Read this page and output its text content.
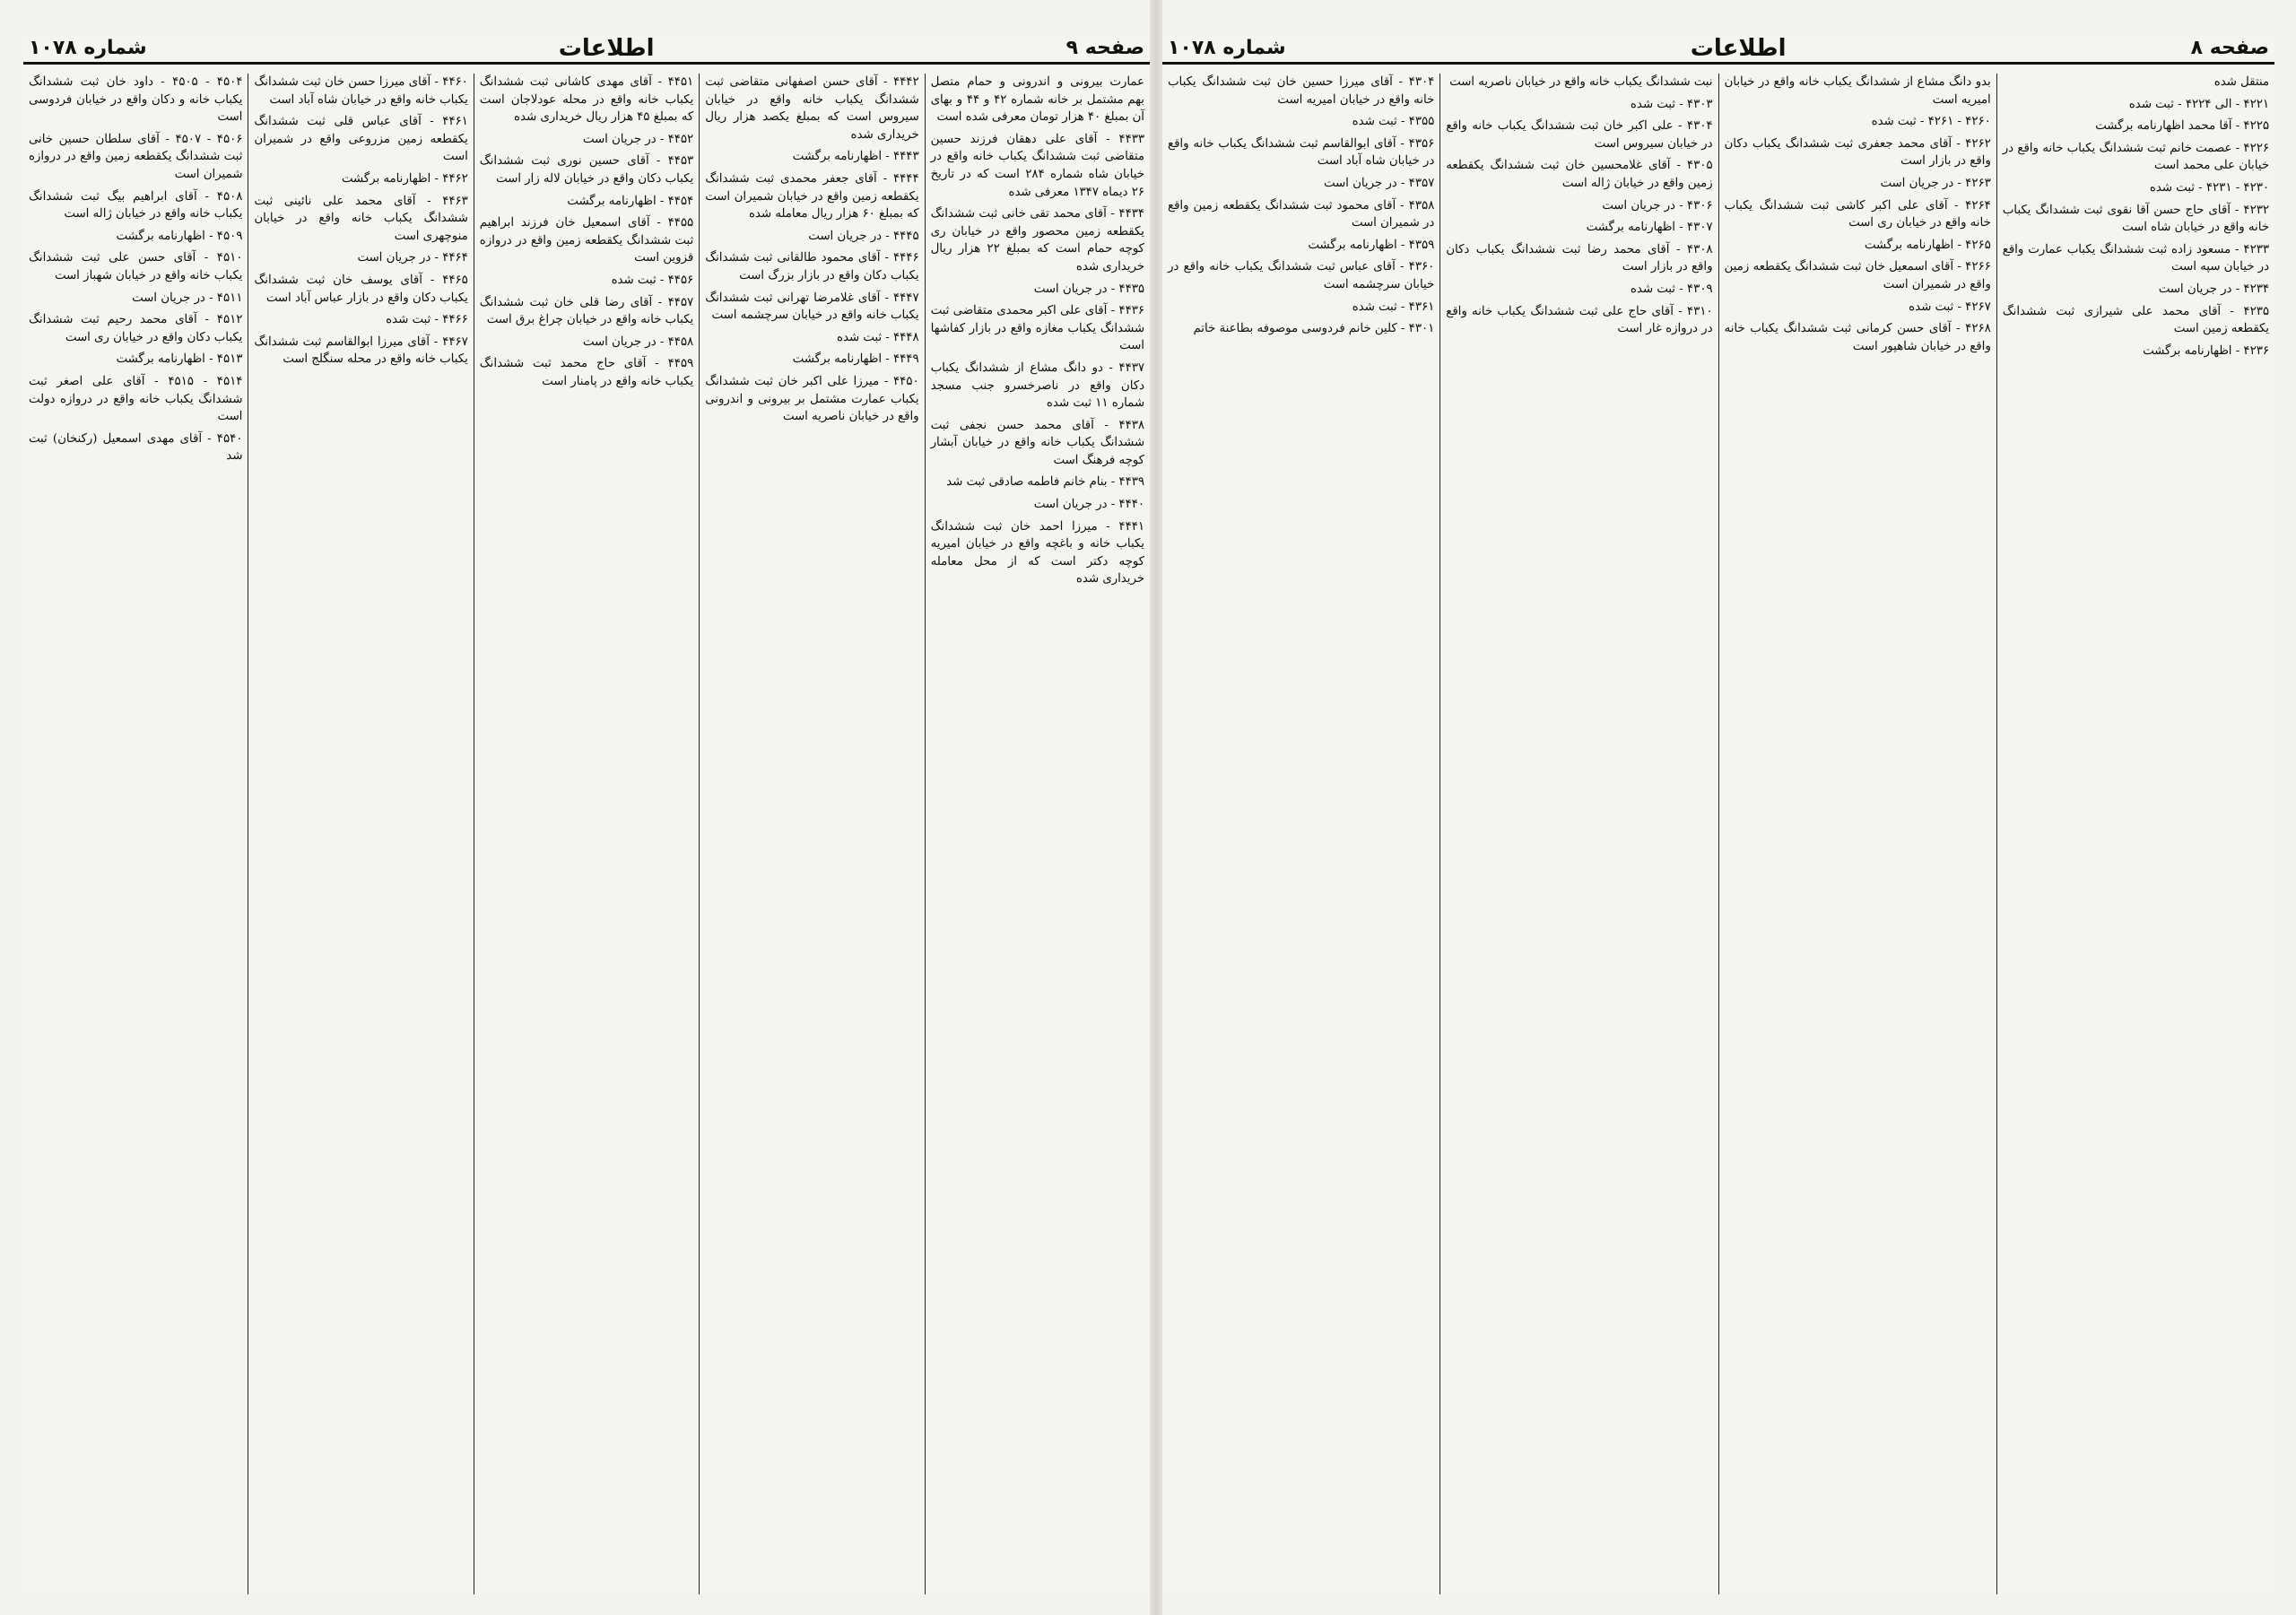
صفحه ۹
اطلاعات
شماره ۱۰۷۸

عمارت بیرونی و اندرونی و حمام متصل بهم مشتمل بر خانه شماره ۴۲ و ۴۴ و بهای آن بمبلغ ۴۰ هزار تومان معرفی شده است

۴۴۳۳ - آقای علی دهقان فرزند حسین متقاضی ثبت ششدانگ یکباب خانه واقع در خیابان شاه شماره ۲۸۴ است که در تاریخ ۲۶ دیماه ۱۳۴۷ معرفی شده

۴۴۳۴ - آقای محمد تقی خانی ثبت ششدانگ یکقطعه زمین محصور واقع در خیابان ری کوچه حمام است که بمبلغ ۲۲ هزار ریال خریداری شده

۴۴۳۵ - در جریان است

۴۴۳۶ - آقای علی اکبر محمدی متقاضی ثبت ششدانگ یکباب مغازه واقع در بازار کفاشها است

۴۴۳۷ - دو دانگ مشاع از ششدانگ یکباب دکان واقع در ناصرخسرو جنب مسجد شماره ۱۱ ثبت شده

۴۴۳۸ - آقای محمد حسن نجفی ثبت ششدانگ یکباب خانه واقع در خیابان آبشار کوچه فرهنگ است

۴۴۳۹ - بنام خانم فاطمه صادقی ثبت شد

۴۴۴۰ - در جریان است

۴۴۴۱ - میرزا احمد خان ثبت ششدانگ یکباب خانه و باغچه واقع در خیابان امیریه کوچه دکتر است که از محل معامله خریداری شده

۴۴۴۲ - آقای حسن اصفهانی متقاضی ثبت ششدانگ یکباب خانه واقع در خیابان سیروس است که بمبلغ یکصد هزار ریال خریداری شده

۴۴۴۳ - اظهارنامه برگشت

۴۴۴۴ - آقای جعفر محمدی ثبت ششدانگ یکقطعه زمین واقع در خیابان شمیران است که بمبلغ ۶۰ هزار ریال معامله شده

۴۴۴۵ - در جریان است

۴۴۴۶ - آقای محمود طالقانی ثبت ششدانگ یکباب دکان واقع در بازار بزرگ است

۴۴۴۷ - آقای غلامرضا تهرانی ثبت ششدانگ یکباب خانه واقع در خیابان سرچشمه است

۴۴۴۸ - ثبت شده

۴۴۴۹ - اظهارنامه برگشت

۴۴۵۰ - میرزا علی اکبر خان ثبت ششدانگ یکباب عمارت مشتمل بر بیرونی و اندرونی واقع در خیابان ناصریه است

۴۴۵۱ - آقای مهدی کاشانی ثبت ششدانگ یکباب خانه واقع در محله عودلاجان است که بمبلغ ۴۵ هزار ریال خریداری شده

۴۴۵۲ - در جریان است

۴۴۵۳ - آقای حسین نوری ثبت ششدانگ یکباب دکان واقع در خیابان لاله زار است

۴۴۵۴ - اظهارنامه برگشت

۴۴۵۵ - آقای اسمعیل خان فرزند ابراهیم ثبت ششدانگ یکقطعه زمین واقع در دروازه قزوین است

۴۴۵۶ - ثبت شده

۴۴۵۷ - آقای رضا قلی خان ثبت ششدانگ یکباب خانه واقع در خیابان چراغ برق است

۴۴۵۸ - در جریان است

۴۴۵۹ - آقای حاج محمد ثبت ششدانگ یکباب خانه واقع در پامنار است

۴۴۶۰ - آقای میرزا حسن خان ثبت ششدانگ یکباب خانه واقع در خیابان شاه آباد است

۴۴۶۱ - آقای عباس قلی ثبت ششدانگ یکقطعه زمین مزروعی واقع در شمیران است

۴۴۶۲ - اظهارنامه برگشت

۴۴۶۳ - آقای محمد علی نائینی ثبت ششدانگ یکباب خانه واقع در خیابان منوچهری است

۴۴۶۴ - در جریان است

۴۴۶۵ - آقای یوسف خان ثبت ششدانگ یکباب دکان واقع در بازار عباس آباد است

۴۴۶۶ - ثبت شده

۴۴۶۷ - آقای میرزا ابوالقاسم ثبت ششدانگ یکباب خانه واقع در محله سنگلج است

۴۵۰۴ - ۴۵۰۵ - داود خان ثبت ششدانگ یکباب خانه و دکان واقع در خیابان فردوسی است

۴۵۰۶ - ۴۵۰۷ - آقای سلطان حسین خانی ثبت ششدانگ یکقطعه زمین واقع در دروازه شمیران است

۴۵۰۸ - آقای ابراهیم بیگ ثبت ششدانگ یکباب خانه واقع در خیابان ژاله است

۴۵۰۹ - اظهارنامه برگشت

۴۵۱۰ - آقای حسن علی ثبت ششدانگ یکباب خانه واقع در خیابان شهباز است

۴۵۱۱ - در جریان است

۴۵۱۲ - آقای محمد رحیم ثبت ششدانگ یکباب دکان واقع در خیابان ری است

۴۵۱۳ - اظهارنامه برگشت

۴۵۱۴ - ۴۵۱۵ - آقای علی اصغر ثبت ششدانگ یکباب خانه واقع در دروازه دولت است

۴۵۴۰ - آقای مهدی اسمعیل (رکنخان) ثبت شد

صفحه ۸
اطلاعات
شماره ۱۰۷۸

منتقل شده

۴۲۲۱ - الی ۴۲۲۴ - ثبت شده

۴۲۲۵ - آقا محمد اظهارنامه برگشت

۴۲۲۶ - عصمت خانم ثبت ششدانگ یکباب خانه واقع در خیابان علی محمد است

۴۲۳۰ - ۴۲۳۱ - ثبت شده

۴۲۳۲ - آقای حاج حسن آقا نقوی ثبت ششدانگ یکباب خانه واقع در خیابان شاه است

۴۲۳۳ - مسعود زاده ثبت ششدانگ یکباب عمارت واقع در خیابان سپه است

۴۲۳۴ - در جریان است

۴۲۳۵ - آقای محمد علی شیرازی ثبت ششدانگ یکقطعه زمین است

۴۲۳۶ - اظهارنامه برگشت

بدو دانگ مشاع از ششدانگ یکباب خانه واقع در خیابان امیریه است

۴۲۶۰ - ۴۲۶۱ - ثبت شده

۴۲۶۲ - آقای محمد جعفری ثبت ششدانگ یکباب دکان واقع در بازار است

۴۲۶۳ - در جریان است

۴۲۶۴ - آقای علی اکبر کاشی ثبت ششدانگ یکباب خانه واقع در خیابان ری است

۴۲۶۵ - اظهارنامه برگشت

۴۲۶۶ - آقای اسمعیل خان ثبت ششدانگ یکقطعه زمین واقع در شمیران است

۴۲۶۷ - ثبت شده

۴۲۶۸ - آقای حسن کرمانی ثبت ششدانگ یکباب خانه واقع در خیابان شاهپور است

نبت ششدانگ یکباب خانه واقع در خیابان ناصریه است

۴۳۰۳ - ثبت شده

۴۳۰۴ - علی اکبر خان ثبت ششدانگ یکباب خانه واقع در خیابان سیروس است

۴۳۰۵ - آقای غلامحسین خان ثبت ششدانگ یکقطعه زمین واقع در خیابان ژاله است

۴۳۰۶ - در جریان است

۴۳۰۷ - اظهارنامه برگشت

۴۳۰۸ - آقای محمد رضا ثبت ششدانگ یکباب دکان واقع در بازار است

۴۳۰۹ - ثبت شده

۴۳۱۰ - آقای حاج علی ثبت ششدانگ یکباب خانه واقع در دروازه غار است

۴۳۰۴ - آقای میرزا حسین خان ثبت ششدانگ یکباب خانه واقع در خیابان امیریه است

۴۳۵۵ - ثبت شده

۴۳۵۶ - آقای ابوالقاسم ثبت ششدانگ یکباب خانه واقع در خیابان شاه آباد است

۴۳۵۷ - در جریان است

۴۳۵۸ - آقای محمود ثبت ششدانگ یکقطعه زمین واقع در شمیران است

۴۳۵۹ - اظهارنامه برگشت

۴۳۶۰ - آقای عباس ثبت ششدانگ یکباب خانه واقع در خیابان سرچشمه است

۴۳۶۱ - ثبت شده

۴۳۰۱ - کلین خانم فردوسی موصوفه بطاعنة خاتم
